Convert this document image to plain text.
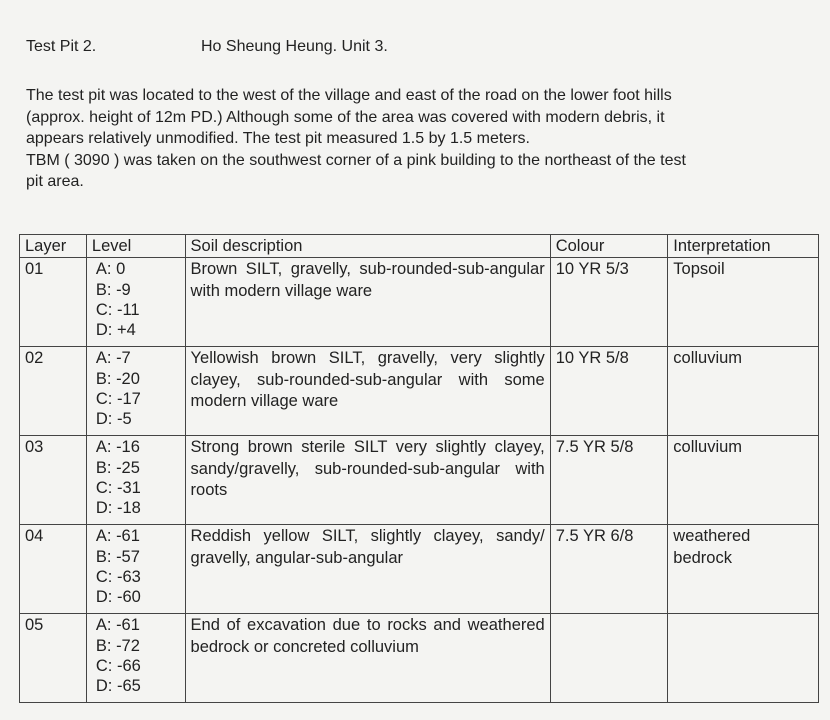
Test Pit 2.	Ho Sheung Heung. Unit 3.

The test pit was located to the west of the village and east of the road on the lower foot hills (approx. height of 12m PD.) Although some of the area was covered with modern debris, it appears relatively unmodified. The test pit measured 1.5 by 1.5 meters.

TBM ( 3090 ) was taken on the southwest corner of a pink building to the northeast of the test pit area.

Layer	Level	Soil description	Colour	Interpretation
01	A: 0
B: -9
C: -11
D: +4	Brown SILT, gravelly, sub-rounded-sub-angular with modern village ware	10 YR 5/3	Topsoil
02	A: -7
B: -20
C: -17
D: -5	Yellowish brown SILT, gravelly, very slightly clayey, sub-rounded-sub-angular with some modern village ware	10 YR 5/8	colluvium
03	A: -16
B: -25
C: -31
D: -18	Strong brown sterile SILT very slightly clayey, sandy/gravelly, sub-rounded-sub-angular with roots	7.5 YR 5/8	colluvium
04	A: -61
B: -57
C: -63
D: -60	Reddish yellow SILT, slightly clayey, sandy/ gravelly, angular-sub-angular	7.5 YR 6/8	weathered bedrock
05	A: -61
B: -72
C: -66
D: -65	End of excavation due to rocks and weathered bedrock or concreted colluvium		
